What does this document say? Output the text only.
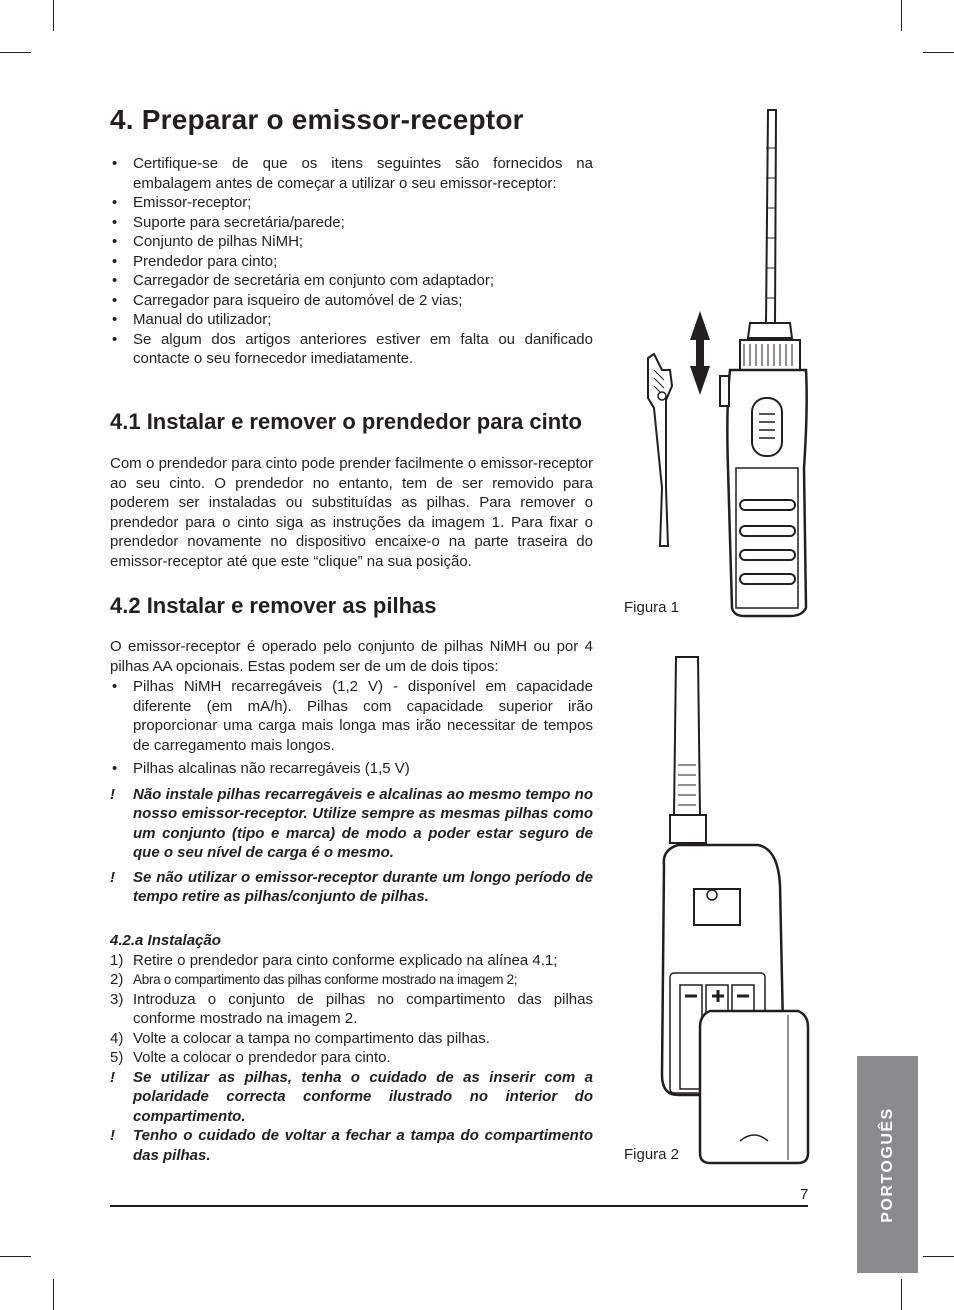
4. Preparar o emissor-receptor
• Certifique-se de que os itens seguintes são fornecidos na embalagem antes de começar a utilizar o seu emissor-receptor:
• Emissor-receptor;
• Suporte para secretária/parede;
• Conjunto de pilhas NiMH;
• Prendedor para cinto;
• Carregador de secretária em conjunto com adaptador;
• Carregador para isqueiro de automóvel de 2 vias;
• Manual do utilizador;
• Se algum dos artigos anteriores estiver em falta ou danificado contacte o seu fornecedor imediatamente.
4.1 Instalar e remover o prendedor para cinto

Com o prendedor para cinto pode prender facilmente o emissor-receptor ao seu cinto. O prendedor no entanto, tem de ser removido para poderem ser instaladas ou substituídas as pilhas. Para remover o prendedor para o cinto siga as instruções da imagem 1. Para fixar o prendedor novamente no dispositivo encaixe-o na parte traseira do emissor-receptor até que este “clique” na sua posição.

4.2 Instalar e remover as pilhas

O emissor-receptor é operado pelo conjunto de pilhas NiMH ou por 4 pilhas AA opcionais. Estas podem ser de um de dois tipos:

• Pilhas NiMH recarregáveis (1,2 V) - disponível em capacidade diferente (em mA/h). Pilhas com capacidade superior irão proporcionar uma carga mais longa mas irão necessitar de tempos de carregamento mais longos.
• Pilhas alcalinas não recarregáveis (1,5 V)
! Não instale pilhas recarregáveis e alcalinas ao mesmo tempo no nosso emissor-receptor. Utilize sempre as mesmas pilhas como um conjunto (tipo e marca) de modo a poder estar seguro de que o seu nível de carga é o mesmo.
! Se não utilizar o emissor-receptor durante um longo período de tempo retire as pilhas/conjunto de pilhas.
4.2.a Instalação
1) Retire o prendedor para cinto conforme explicado na alínea 4.1;
2) Abra o compartimento das pilhas conforme mostrado na imagem 2;
3) Introduza o conjunto de pilhas no compartimento das pilhas conforme mostrado na imagem 2.
4) Volte a colocar a tampa no compartimento das pilhas.
5) Volte a colocar o prendedor para cinto.
! Se utilizar as pilhas, tenha o cuidado de as inserir com a polaridade correcta conforme ilustrado no interior do compartimento.
! Tenho o cuidado de voltar a fechar a tampa do compartimento das pilhas.
Figura 1
Figura 2
7	PORTOGUÊS
